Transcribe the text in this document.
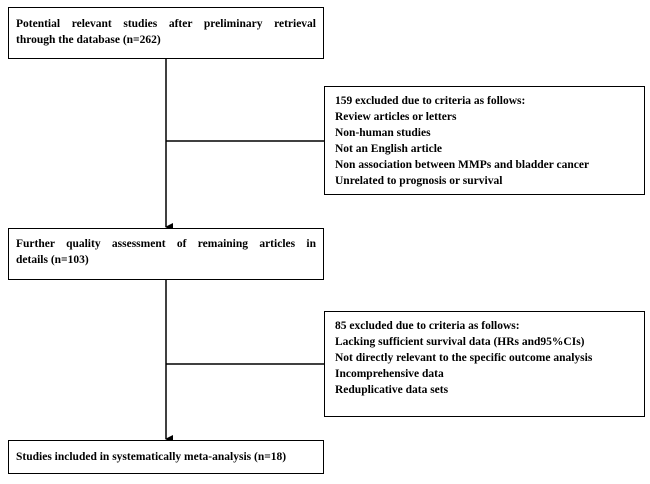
Potential relevant studies after preliminary retrieval
through the database (n=262)
159 excluded due to criteria as follows:
Review articles or letters
Non-human studies
Not an English article
Non association between MMPs and bladder cancer
Unrelated to prognosis or survival
Further quality assessment of remaining articles in
details (n=103)
85 excluded due to criteria as follows:
Lacking sufficient survival data (HRs and95%CIs)
Not directly relevant to the specific outcome analysis
Incomprehensive data
Reduplicative data sets
Studies included in systematically meta-analysis (n=18)
